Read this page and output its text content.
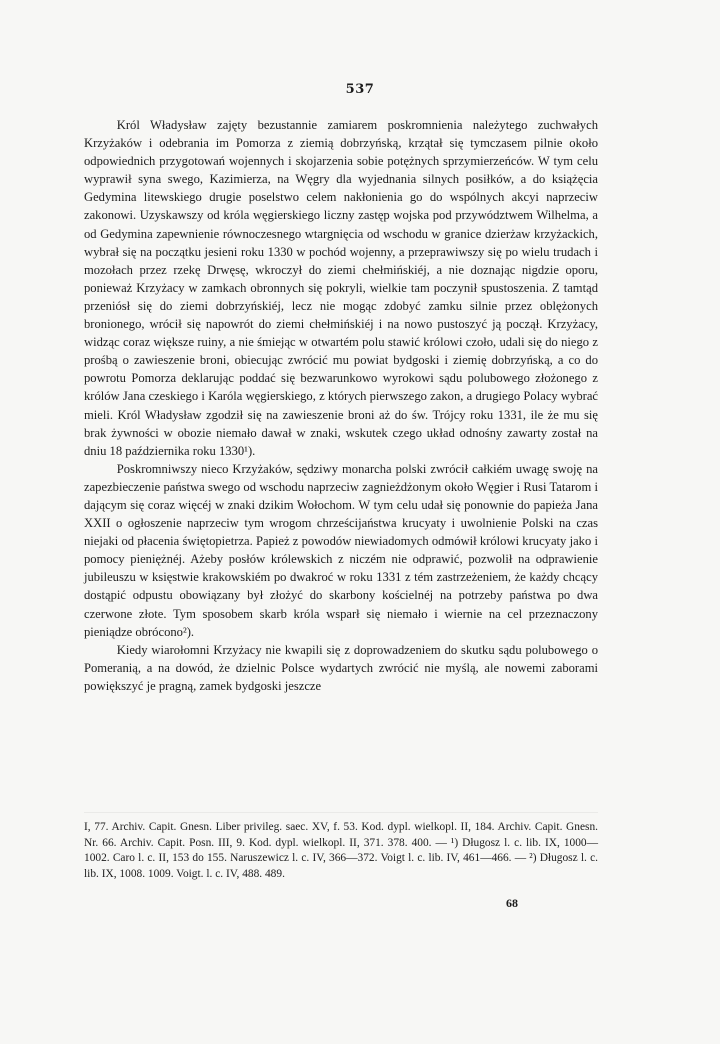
537

Król Władysław zajęty bezustannie zamiarem poskromnienia należytego zuchwałych Krzyżaków i odebrania im Pomorza z ziemią dobrzyńską, krzątał się tymczasem pilnie około odpowiednich przygotowań wojennych i skojarzenia sobie potężnych sprzymierzeńców. W tym celu wyprawił syna swego, Kazimierza, na Węgry dla wyjednania silnych posiłków, a do książęcia Gedymina litewskiego drugie poselstwo celem nakłonienia go do wspólnych akcyi naprzeciw zakonowi. Uzyskawszy od króla węgierskiego liczny zastęp wojska pod przywództwem Wilhelma, a od Gedymina zapewnienie równoczesnego wtargnięcia od wschodu w granice dzierżaw krzyżackich, wybrał się na początku jesieni roku 1330 w pochód wojenny, a przeprawiwszy się po wielu trudach i mozołach przez rzekę Drwęsę, wkroczył do ziemi chełmińskiéj, a nie doznając nigdzie oporu, ponieważ Krzyżacy w zamkach obronnych się pokryli, wielkie tam poczynił spustoszenia. Z tamtąd przeniósł się do ziemi dobrzyńskiéj, lecz nie mogąc zdobyć zamku silnie przez oblężonych bronionego, wrócił się napowrót do ziemi chełmińskiéj i na nowo pustoszyć ją począł. Krzyżacy, widząc coraz większe ruiny, a nie śmiejąc w otwartém polu stawić królowi czoło, udali się do niego z prośbą o zawieszenie broni, obiecując zwrócić mu powiat bydgoski i ziemię dobrzyńską, a co do powrotu Pomorza deklarując poddać się bezwarunkowo wyrokowi sądu polubowego złożonego z królów Jana czeskiego i Karóla węgierskiego, z których pierwszego zakon, a drugiego Polacy wybrać mieli. Król Władysław zgodził się na zawieszenie broni aż do św. Trójcy roku 1331, ile że mu się brak żywności w obozie niemało dawał w znaki, wskutek czego układ odnośny zawarty został na dniu 18 października roku 1330¹).

Poskromniwszy nieco Krzyżaków, sędziwy monarcha polski zwrócił całkiém uwagę swoję na zapezbieczenie państwa swego od wschodu naprzeciw zagnieżdżonym około Węgier i Rusi Tatarom i dającym się coraz więcéj w znaki dzikim Wołochom. W tym celu udał się ponownie do papieża Jana XXII o ogłoszenie naprzeciw tym wrogom chrześcijaństwa krucyaty i uwolnienie Polski na czas niejaki od płacenia świętopietrza. Papież z powodów niewiadomych odmówił królowi krucyaty jako i pomocy pieniężnéj. Ażeby posłów królewskich z niczém nie odprawić, pozwolił na odprawienie jubileuszu w księstwie krakowskiém po dwakroć w roku 1331 z tém zastrzeżeniem, że każdy chcący dostąpić odpustu obowiązany był złożyć do skarbony kościelnéj na potrzeby państwa po dwa czerwone złote. Tym sposobem skarb króla wsparł się niemało i wiernie na cel przeznaczony pieniądze obrócono²).

Kiedy wiarołomni Krzyżacy nie kwapili się z doprowadzeniem do skutku sądu polubowego o Pomeranią, a na dowód, że dzielnic Polsce wydartych zwrócić nie myślą, ale nowemi zaborami powiększyć je pragną, zamek bydgoski jeszcze

I, 77. Archiv. Capit. Gnesn. Liber privileg. saec. XV, f. 53. Kod. dypl. wielkopl. II, 184. Archiv. Capit. Gnesn. Nr. 66. Archiv. Capit. Posn. III, 9. Kod. dypl. wielkopl. II, 371. 378. 400. — ¹) Długosz l. c. lib. IX, 1000—1002. Caro l. c. II, 153 do 155. Naruszewicz l. c. IV, 366—372. Voigt l. c. lib. IV, 461—466. — ²) Długosz l. c. lib. IX, 1008. 1009. Voigt. l. c. IV, 488. 489.
68
